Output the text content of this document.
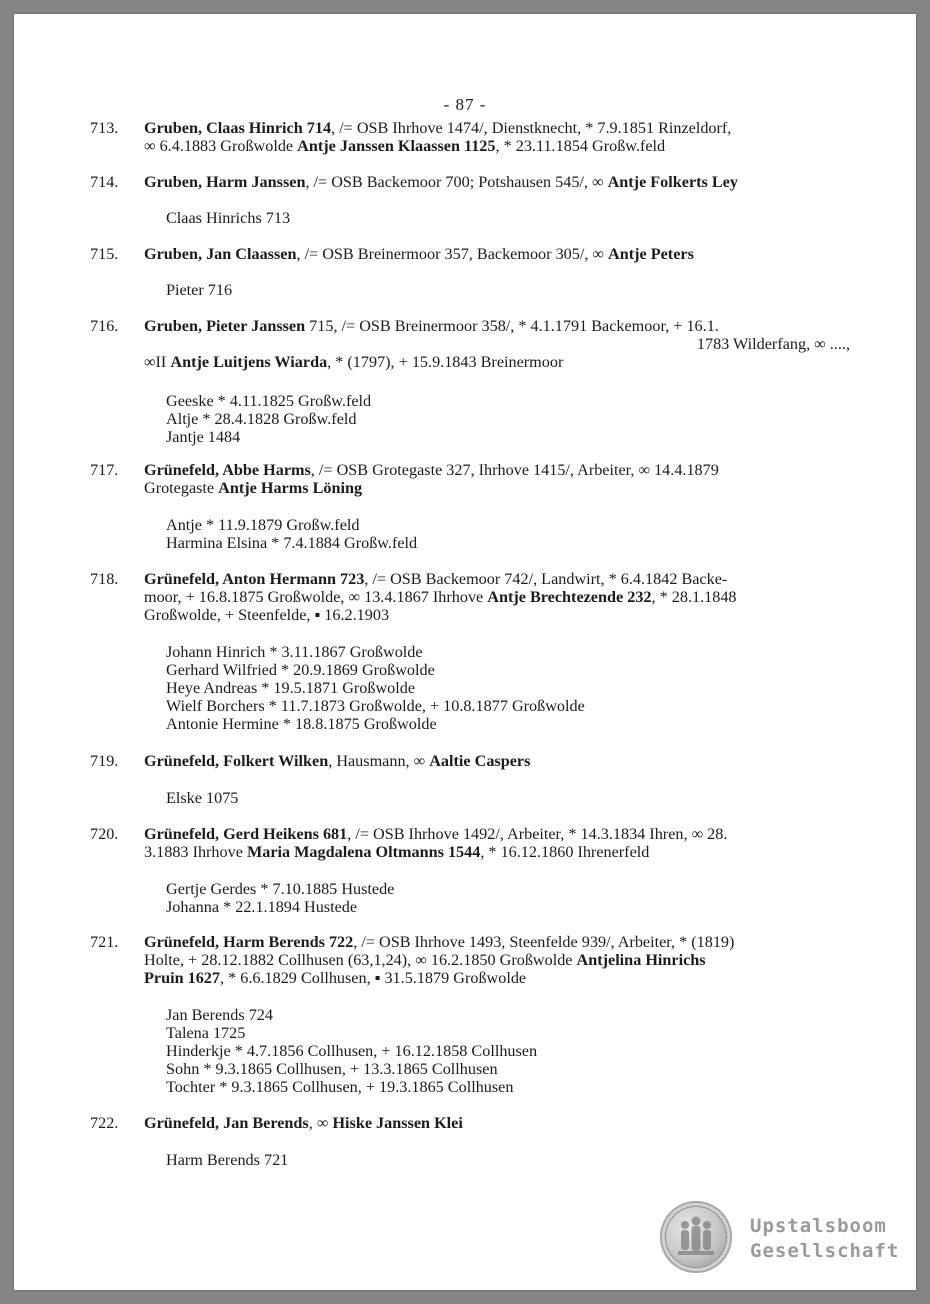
- 87 -
713. Gruben, Claas Hinrich 714, /= OSB Ihrhove 1474/, Dienstknecht, * 7.9.1851 Rinzeldorf,
∞ 6.4.1883 Großwolde Antje Janssen Klaassen 1125, * 23.11.1854 Großw.feld
714. Gruben, Harm Janssen, /= OSB Backemoor 700; Potshausen 545/, ∞ Antje Folkerts Ley
Claas Hinrichs 713
715. Gruben, Jan Claassen, /= OSB Breinermoor 357, Backemoor 305/, ∞ Antje Peters
Pieter 716
716. Gruben, Pieter Janssen 715, /= OSB Breinermoor 358/, * 4.1.1791 Backemoor, + 16.1.
1783 Wilderfang, ∞ ....,
∞II Antje Luitjens Wiarda, * (1797), + 15.9.1843 Breinermoor
Geeske * 4.11.1825 Großw.feld
Altje * 28.4.1828 Großw.feld
Jantje 1484
717. Grünefeld, Abbe Harms, /= OSB Grotegaste 327, Ihrhove 1415/, Arbeiter, ∞ 14.4.1879
Grotegaste Antje Harms Löning
Antje * 11.9.1879 Großw.feld
Harmina Elsina * 7.4.1884 Großw.feld
718. Grünefeld, Anton Hermann 723, /= OSB Backemoor 742/, Landwirt, * 6.4.1842 Backe-
moor, + 16.8.1875 Großwolde, ∞ 13.4.1867 Ihrhove Antje Brechtezende 232, * 28.1.1848
Großwolde, + Steenfelde, ▪ 16.2.1903
Johann Hinrich * 3.11.1867 Großwolde
Gerhard Wilfried * 20.9.1869 Großwolde
Heye Andreas * 19.5.1871 Großwolde
Wielf Borchers * 11.7.1873 Großwolde, + 10.8.1877 Großwolde
Antonie Hermine * 18.8.1875 Großwolde
719. Grünefeld, Folkert Wilken, Hausmann, ∞ Aaltie Caspers
Elske 1075
720. Grünefeld, Gerd Heikens 681, /= OSB Ihrhove 1492/, Arbeiter, * 14.3.1834 Ihren, ∞ 28.
3.1883 Ihrhove Maria Magdalena Oltmanns 1544, * 16.12.1860 Ihrenerfeld
Gertje Gerdes * 7.10.1885 Hustede
Johanna * 22.1.1894 Hustede
721. Grünefeld, Harm Berends 722, /= OSB Ihrhove 1493, Steenfelde 939/, Arbeiter, * (1819)
Holte, + 28.12.1882 Collhusen (63,1,24), ∞ 16.2.1850 Großwolde Antjelina Hinrichs
Pruin 1627, * 6.6.1829 Collhusen, ▪ 31.5.1879 Großwolde
Jan Berends 724
Talena 1725
Hinderkje * 4.7.1856 Collhusen, + 16.12.1858 Collhusen
Sohn * 9.3.1865 Collhusen, + 13.3.1865 Collhusen
Tochter * 9.3.1865 Collhusen, + 19.3.1865 Collhusen
722. Grünefeld, Jan Berends, ∞ Hiske Janssen Klei
Harm Berends 721
Upstalsboom
Gesellschaft
